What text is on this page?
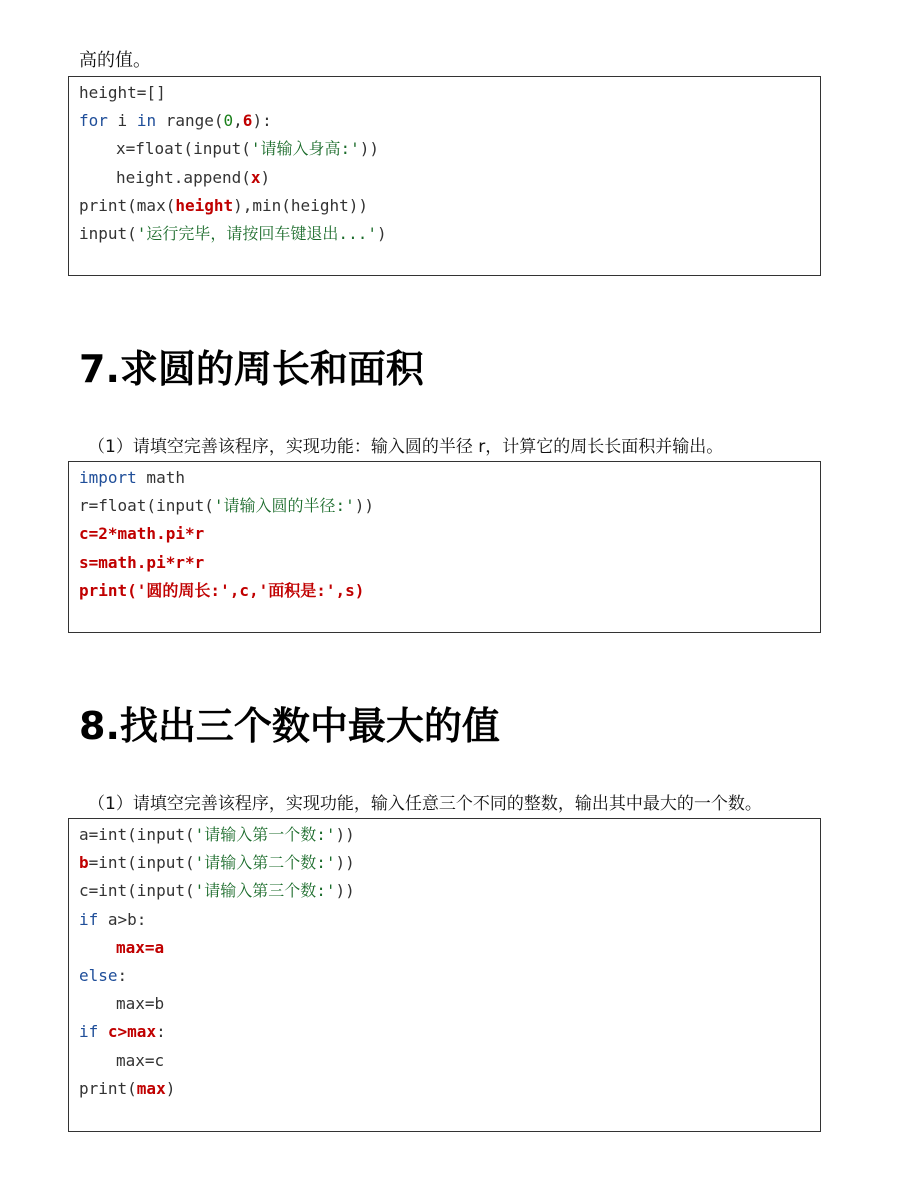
高的值。
height=[]
for i in range(0,6):
x=float(input('请输入身高:'))
height.append(x)
print(max(height),min(height))
input('运行完毕，请按回车键退出...')
7.求圆的周长和面积
（1）请填空完善该程序，实现功能：输入圆的半径 r，计算它的周长长面积并输出。
import math
r=float(input('请输入圆的半径:'))
c=2*math.pi*r
s=math.pi*r*r
print('圆的周长:',c,'面积是:',s)
8.找出三个数中最大的值
（1）请填空完善该程序，实现功能，输入任意三个不同的整数，输出其中最大的一个数。
a=int(input('请输入第一个数:'))
b=int(input('请输入第二个数:'))
c=int(input('请输入第三个数:'))
if a>b:
max=a
else:
max=b
if c>max:
max=c
print(max)
